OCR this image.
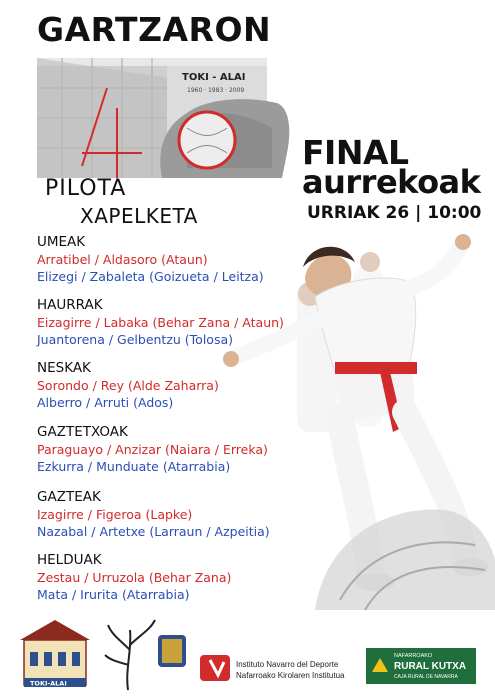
GARTZARON
TOKI - ALAI
1960 · 1983 · 2009
PILOTA
XAPELKETA
FINAL
aurrekoak
URRIAK 26 | 10:00
UMEAK
Arratibel / Aldasoro (Ataun)
Elizegi / Zabaleta (Goizueta / Leitza)
HAURRAK
Eizagirre / Labaka (Behar Zana / Ataun)
Juantorena / Gelbentzu (Tolosa)
NESKAK
Sorondo / Rey (Alde Zaharra)
Alberro / Arruti (Ados)
GAZTETXOAK
Paraguayo / Anzizar (Naiara / Erreka)
Ezkurra / Munduate (Atarrabia)
GAZTEAK
Izagirre / Figeroa (Lapke)
Nazabal / Artetxe (Larraun / Azpeitia)
HELDUAK
Zestau / Urruzola (Behar Zana)
Mata / Irurita (Atarrabia)
TOKI-ALAI
Instituto Navarro del Deporte
Nafarroako Kirolaren Institutua
NAFARROAKO
RURAL KUTXA
CAJA RURAL DE NAVARRA
